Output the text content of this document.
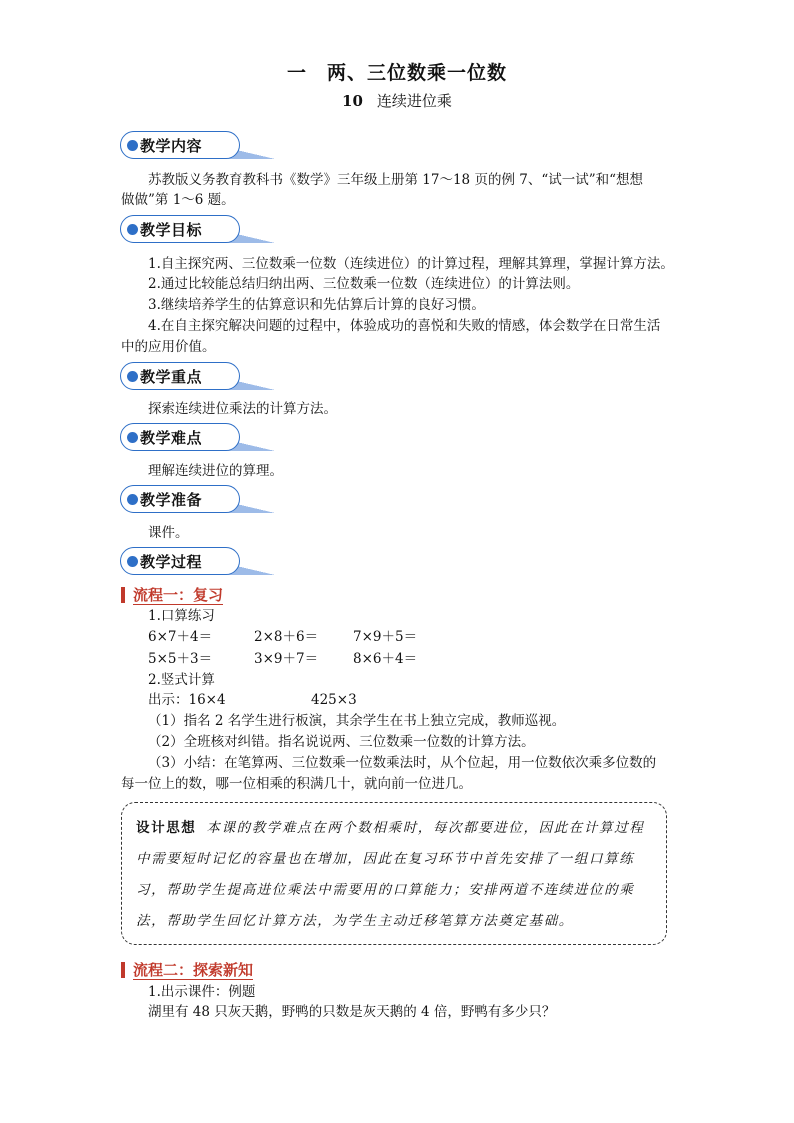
一　两、三位数乘一位数
10 连续进位乘
教学内容
苏教版义务教育教科书《数学》三年级上册第 17～18 页的例 7、“试一试”和“想想
做做”第 1～6 题。
教学目标
1.自主探究两、三位数乘一位数（连续进位）的计算过程，理解其算理，掌握计算方法。
2.通过比较能总结归纳出两、三位数乘一位数（连续进位）的计算法则。
3.继续培养学生的估算意识和先估算后计算的良好习惯。
4.在自主探究解决问题的过程中，体验成功的喜悦和失败的情感，体会数学在日常生活
中的应用价值。
教学重点
探索连续进位乘法的计算方法。
教学难点
理解连续进位的算理。
教学准备
课件。
教学过程
流程一：复习
1.口算练习
6×7＋4＝	2×8＋6＝	7×9＋5＝
5×5＋3＝	3×9＋7＝	8×6＋4＝
2.竖式计算
出示：16×4	425×3
（1）指名 2 名学生进行板演，其余学生在书上独立完成，教师巡视。
（2）全班核对纠错。指名说说两、三位数乘一位数的计算方法。
（3）小结：在笔算两、三位数乘一位数乘法时，从个位起，用一位数依次乘多位数的
每一位上的数，哪一位相乘的积满几十，就向前一位进几。
设计思想 本课的教学难点在两个数相乘时，每次都要进位，因此在计算过程中需要短时记忆的容量也在增加，因此在复习环节中首先安排了一组口算练习，帮助学生提高进位乘法中需要用的口算能力；安排两道不连续进位的乘法，帮助学生回忆计算方法，为学生主动迁移笔算方法奠定基础。
流程二：探索新知
1.出示课件：例题
湖里有 48 只灰天鹅，野鸭的只数是灰天鹅的 4 倍，野鸭有多少只？
